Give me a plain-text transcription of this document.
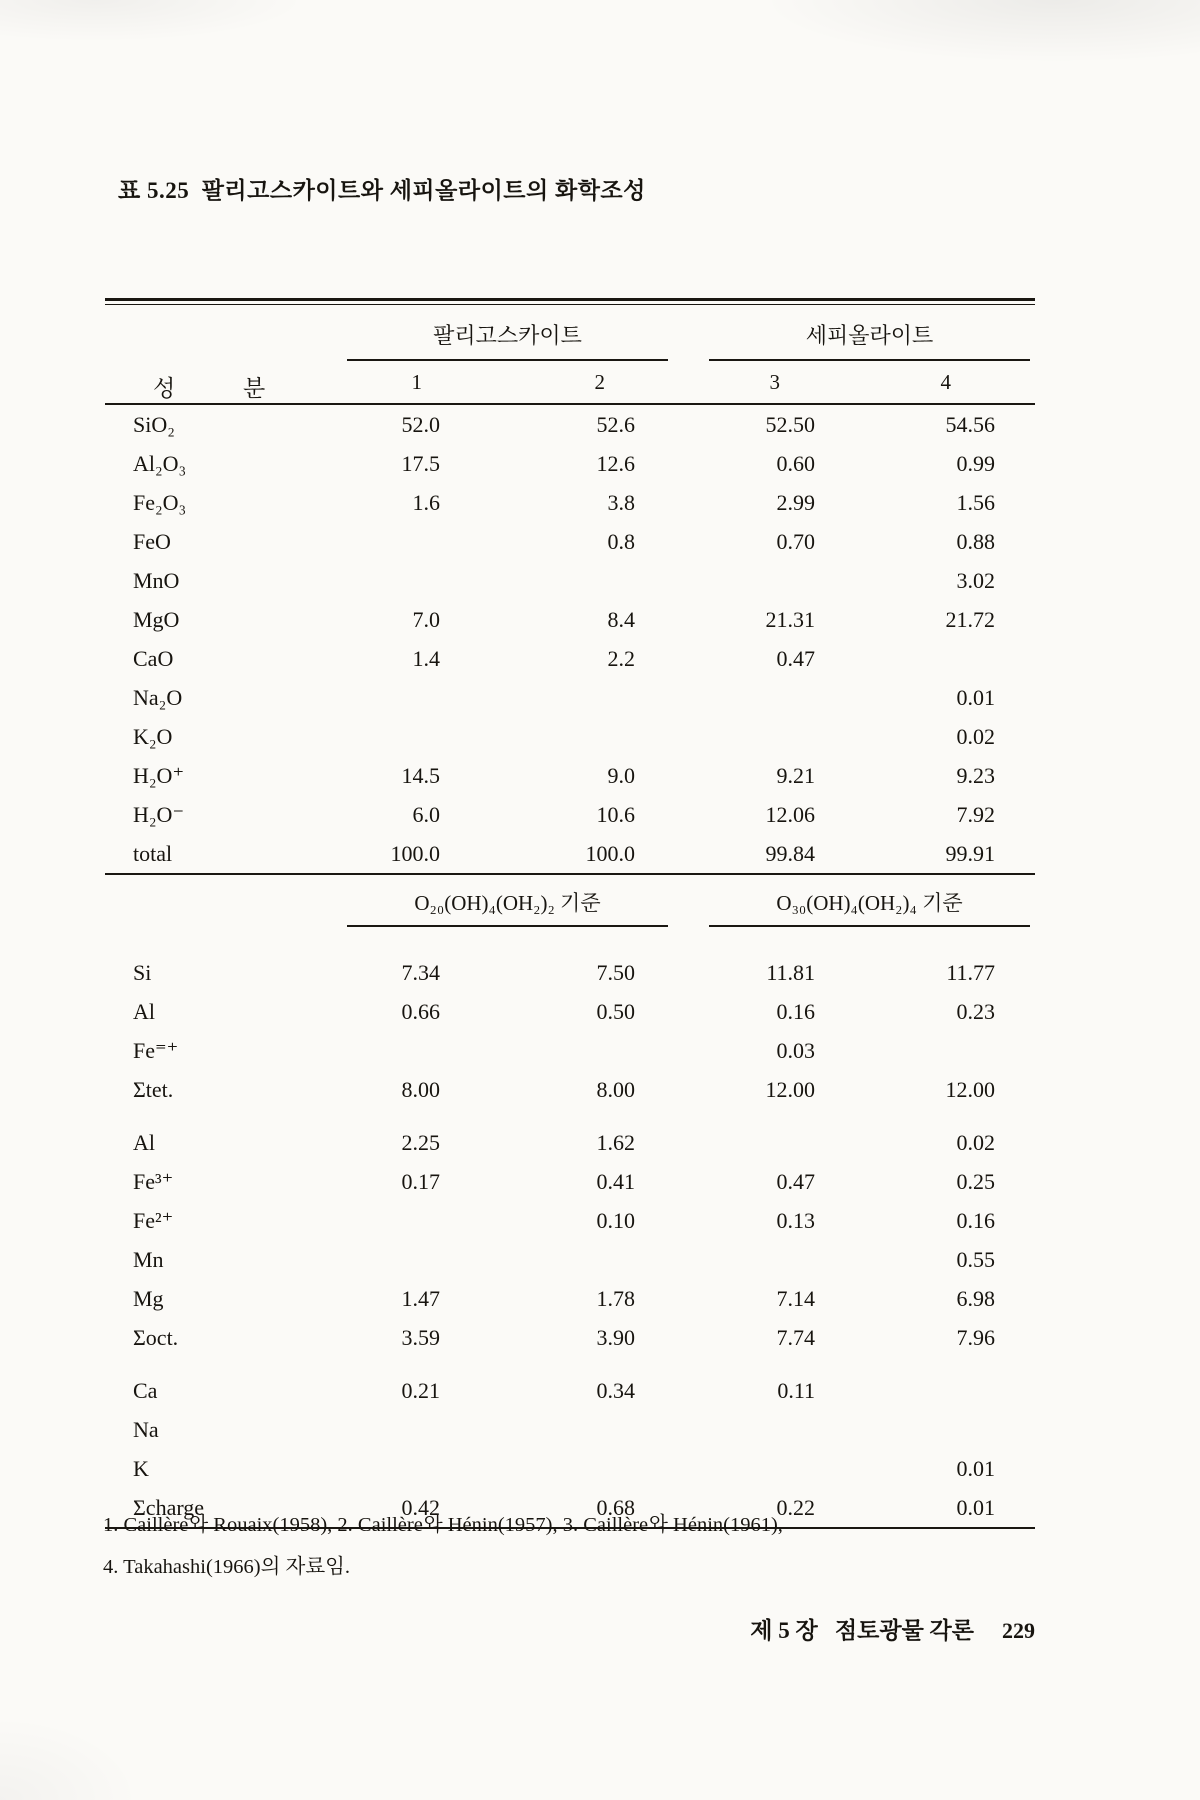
표 5.25  팔리고스카이트와 세피올라이트의 화학조성
성 분	팔리고스카이트		세피올라이트		

	1	2	3	4	
SiO₂	52.0	52.6	52.50	54.56	
Al₂O₃	17.5	12.6	0.60	0.99	
Fe₂O₃	1.6	3.8	2.99	1.56	
FeO		0.8	0.70	0.88	
MnO				3.02	
MgO	7.0	8.4	21.31	21.72	
CaO	1.4	2.2	0.47		
Na₂O				0.01	
K₂O				0.02	
H₂O⁺	14.5	9.0	9.21	9.23	
H₂O⁻	6.0	10.6	12.06	7.92	
total	100.0	100.0	99.84	99.91	

	O₂₀(OH)₄(OH₂)₂ 기준		O₃₀(OH)₄(OH₂)₄ 기준		

Si	7.34	7.50	11.81	11.77	
Al	0.66	0.50	0.16	0.23	
Fe⁼⁺			0.03		
Σtet.	8.00	8.00	12.00	12.00	
Al	2.25	1.62		0.02	
Fe³⁺	0.17	0.41	0.47	0.25	
Fe²⁺		0.10	0.13	0.16	
Mn				0.55	
Mg	1.47	1.78	7.14	6.98	
Σoct.	3.59	3.90	7.74	7.96	
Ca	0.21	0.34	0.11		
Na					
K				0.01	
Σcharge	0.42	0.68	0.22	0.01	
1. Caillère와 Rouaix(1958), 2. Caillère와 Hénin(1957), 3. Caillère와 Hénin(1961),
4. Takahashi(1966)의 자료임.
제 5 장   점토광물 각론 229
